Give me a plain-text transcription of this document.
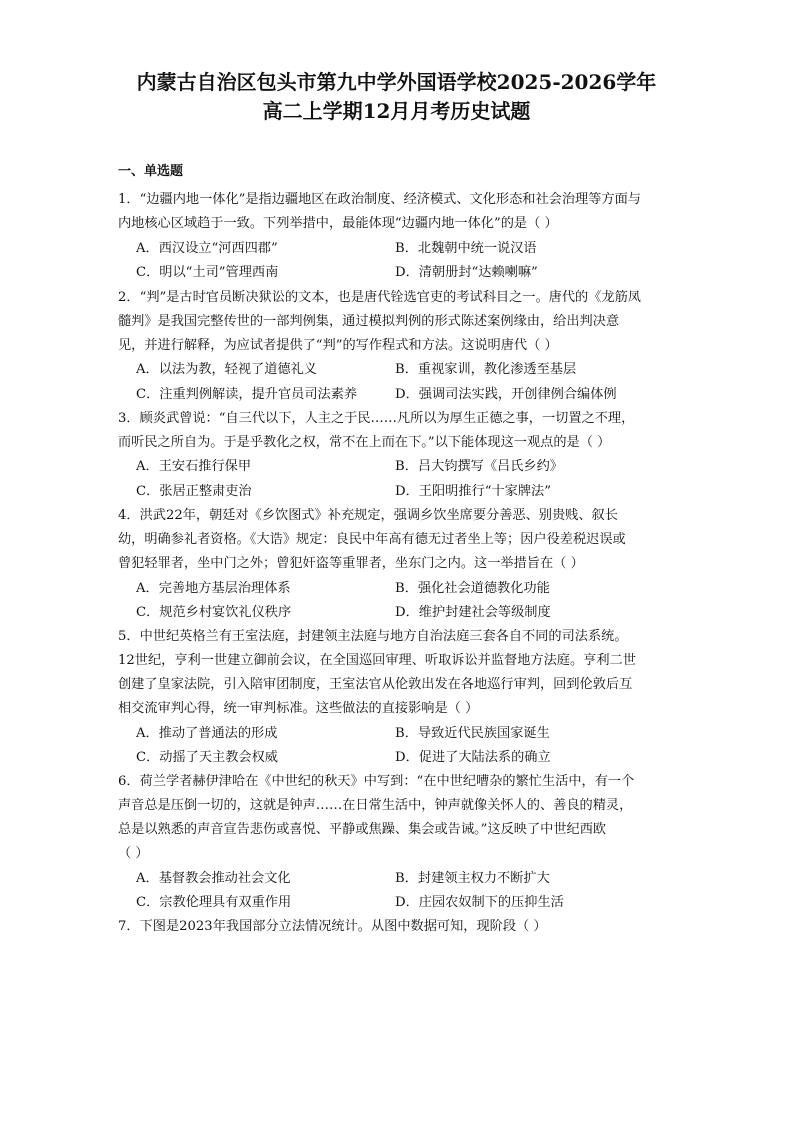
内蒙古自治区包头市第九中学外国语学校2025-2026学年
高二上学期12月月考历史试题
一、单选题
1．“边疆内地一体化”是指边疆地区在政治制度、经济模式、文化形态和社会治理等方面与
内地核心区域趋于一致。下列举措中，最能体现“边疆内地一体化”的是（ ）
A．西汉设立“河西四郡”	B．北魏朝中统一说汉语
C．明以“土司”管理西南	D．清朝册封“达赖喇嘛”
2．“判”是古时官员断决狱讼的文本，也是唐代铨选官吏的考试科目之一。唐代的《龙筋凤
髓判》是我国完整传世的一部判例集，通过模拟判例的形式陈述案例缘由，给出判决意
见，并进行解释，为应试者提供了“判”的写作程式和方法。这说明唐代（ ）
A．以法为教，轻视了道德礼义	B．重视家训，教化渗透至基层
C．注重判例解读，提升官员司法素养	D．强调司法实践，开创律例合编体例
3．顾炎武曾说：“自三代以下，人主之于民……凡所以为厚生正德之事，一切置之不理，
而听民之所自为。于是乎教化之权，常不在上而在下。”以下能体现这一观点的是（ ）
A．王安石推行保甲	B．吕大钧撰写《吕氏乡约》
C．张居正整肃吏治	D．王阳明推行“十家牌法”
4．洪武22年，朝廷对《乡饮图式》补充规定，强调乡饮坐席要分善恶、别贵贱、叙长
幼，明确参礼者资格。《大诰》规定：良民中年高有德无过者坐上等；因户役差税迟误或
曾犯轻罪者，坐中门之外；曾犯奸盗等重罪者，坐东门之内。这一举措旨在（ ）
A．完善地方基层治理体系	B．强化社会道德教化功能
C．规范乡村宴饮礼仪秩序	D．维护封建社会等级制度
5．中世纪英格兰有王室法庭，封建领主法庭与地方自治法庭三套各自不同的司法系统。
12世纪，亨利一世建立御前会议，在全国巡回审理、听取诉讼并监督地方法庭。亨利二世
创建了皇家法院，引入陪审团制度，王室法官从伦敦出发在各地巡行审判，回到伦敦后互
相交流审判心得，统一审判标准。这些做法的直接影响是（ ）
A．推动了普通法的形成	B．导致近代民族国家诞生
C．动摇了天主教会权威	D．促进了大陆法系的确立
6．荷兰学者赫伊津哈在《中世纪的秋天》中写到：“在中世纪嘈杂的繁忙生活中，有一个
声音总是压倒一切的，这就是钟声……在日常生活中，钟声就像关怀人的、善良的精灵，
总是以熟悉的声音宣告悲伤或喜悦、平静或焦躁、集会或告诫。”这反映了中世纪西欧
（ ）
A．基督教会推动社会文化	B．封建领主权力不断扩大
C．宗教伦理具有双重作用	D．庄园农奴制下的压抑生活
7．下图是2023年我国部分立法情况统计。从图中数据可知，现阶段（ ）
